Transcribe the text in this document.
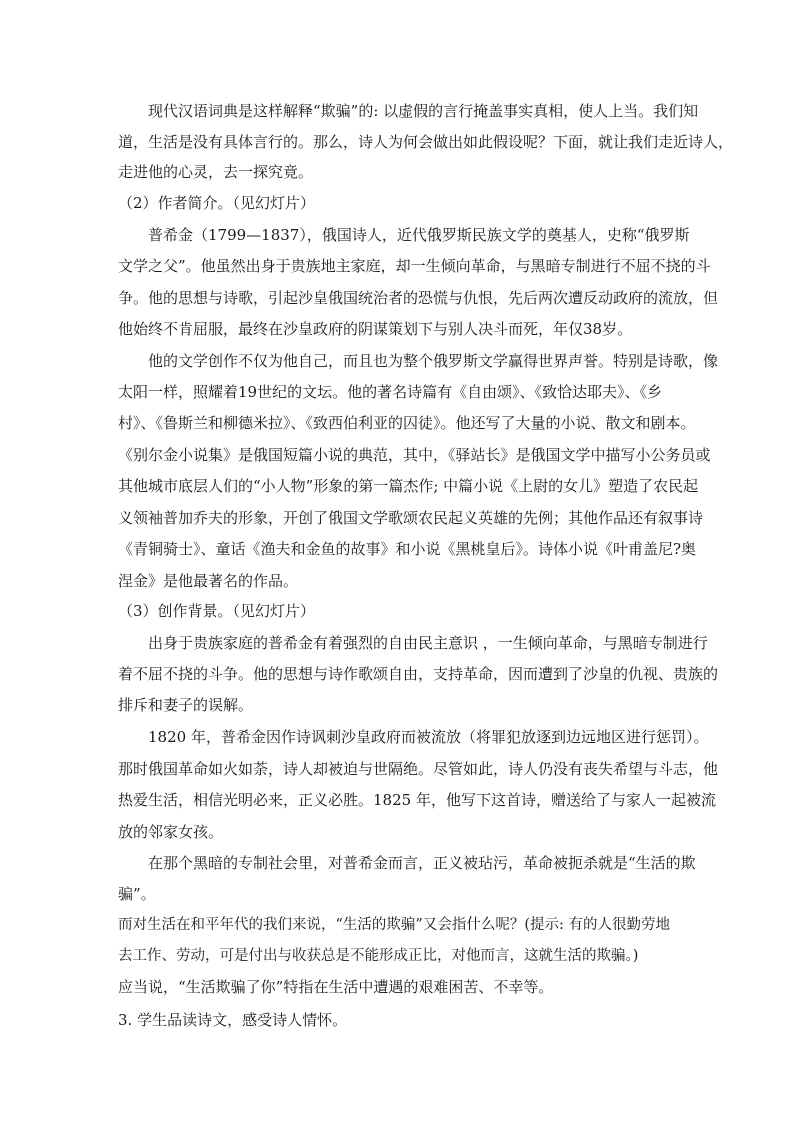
现代汉语词典是这样解释“欺骗”的: 以虚假的言行掩盖事实真相，使人上当。我们知
道，生活是没有具体言行的。那么，诗人为何会做出如此假设呢？下面，就让我们走近诗人，
走进他的心灵，去一探究竟。
（2）作者简介。（见幻灯片）
普希金（1799—1837），俄国诗人，近代俄罗斯民族文学的奠基人，史称“俄罗斯
文学之父”。他虽然出身于贵族地主家庭，却一生倾向革命，与黑暗专制进行不屈不挠的斗
争。他的思想与诗歌，引起沙皇俄国统治者的恐慌与仇恨，先后两次遭反动政府的流放，但
他始终不肯屈服，最终在沙皇政府的阴谋策划下与别人决斗而死，年仅38岁。
他的文学创作不仅为他自己，而且也为整个俄罗斯文学赢得世界声誉。特别是诗歌，像
太阳一样，照耀着19世纪的文坛。他的著名诗篇有《自由颂》、《致恰达耶夫》、《乡
村》、《鲁斯兰和柳德米拉》、《致西伯利亚的囚徒》。他还写了大量的小说、散文和剧本。
《别尔金小说集》是俄国短篇小说的典范，其中，《驿站长》是俄国文学中描写小公务员或
其他城市底层人们的“小人物”形象的第一篇杰作; 中篇小说《上尉的女儿》塑造了农民起
义领袖普加乔夫的形象，开创了俄国文学歌颂农民起义英雄的先例；其他作品还有叙事诗
《青铜骑士》、童话《渔夫和金鱼的故事》和小说《黑桃皇后》。诗体小说《叶甫盖尼?奥
涅金》是他最著名的作品。
（3）创作背景。（见幻灯片）
出身于贵族家庭的普希金有着强烈的自由民主意识 ，一生倾向革命，与黑暗专制进行
着不屈不挠的斗争。他的思想与诗作歌颂自由，支持革命，因而遭到了沙皇的仇视、贵族的
排斥和妻子的误解。
1820 年，普希金因作诗讽刺沙皇政府而被流放（将罪犯放逐到边远地区进行惩罚）。
那时俄国革命如火如荼，诗人却被迫与世隔绝。尽管如此，诗人仍没有丧失希望与斗志，他
热爱生活，相信光明必来，正义必胜。1825 年，他写下这首诗，赠送给了与家人一起被流
放的邻家女孩。
在那个黑暗的专制社会里，对普希金而言，正义被玷污，革命被扼杀就是“生活的欺
骗”。
而对生活在和平年代的我们来说，“生活的欺骗”又会指什么呢？(提示: 有的人很勤劳地
去工作、劳动，可是付出与收获总是不能形成正比，对他而言，这就生活的欺骗。)
应当说，“生活欺骗了你”特指在生活中遭遇的艰难困苦、不幸等。
3. 学生品读诗文，感受诗人情怀。
